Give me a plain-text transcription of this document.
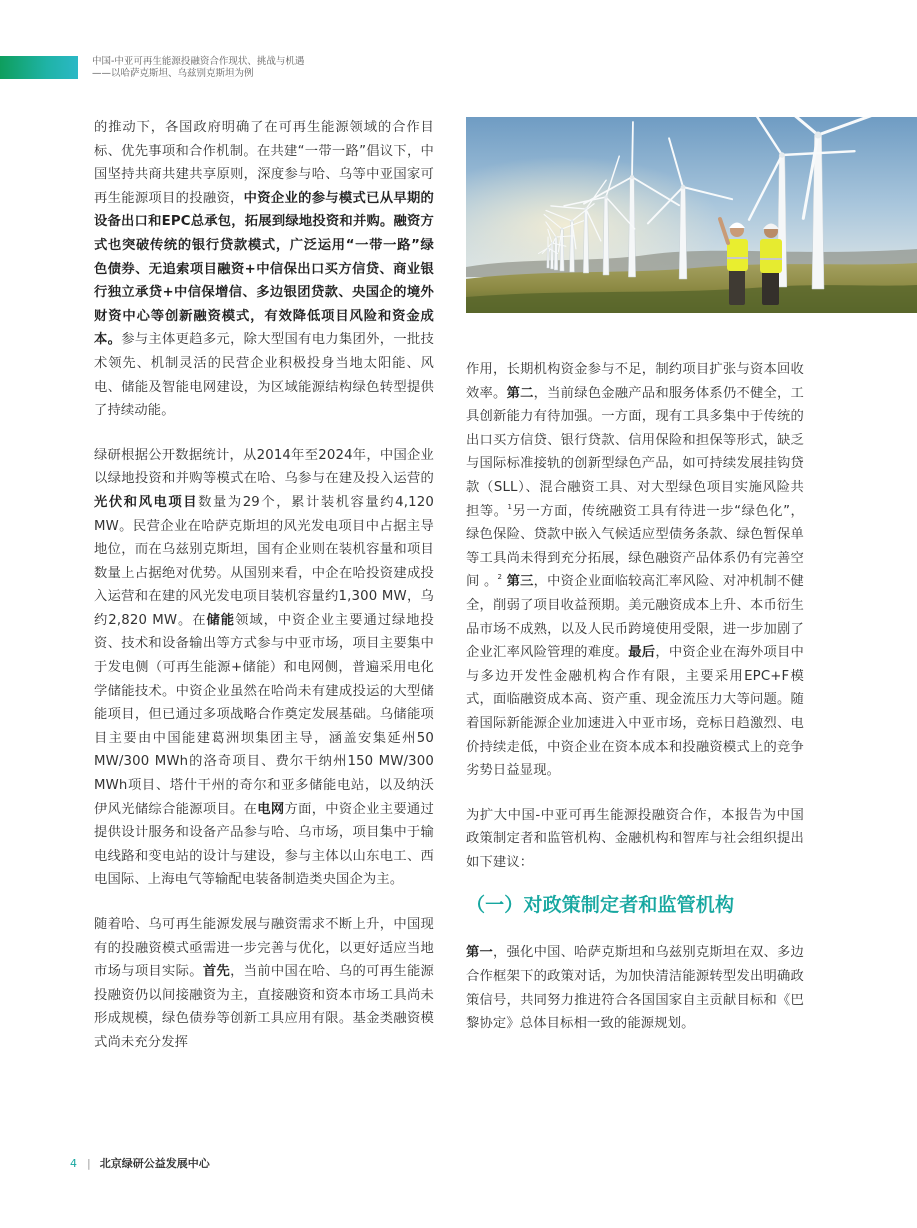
中国-中亚可再生能源投融资合作现状、挑战与机遇
——以哈萨克斯坦、乌兹别克斯坦为例

的推动下，各国政府明确了在可再生能源领域的合作目标、优先事项和合作机制。在共建“一带一路”倡议下，中国坚持共商共建共享原则，深度参与哈、乌等中亚国家可再生能源项目的投融资，中资企业的参与模式已从早期的设备出口和EPC总承包，拓展到绿地投资和并购。融资方式也突破传统的银行贷款模式，广泛运用“一带一路”绿色债券、无追索项目融资+中信保出口买方信贷、商业银行独立承贷+中信保增信、多边银团贷款、央国企的境外财资中心等创新融资模式，有效降低项目风险和资金成本。参与主体更趋多元，除大型国有电力集团外，一批技术领先、机制灵活的民营企业积极投身当地太阳能、风电、储能及智能电网建设，为区域能源结构绿色转型提供了持续动能。

绿研根据公开数据统计，从2014年至2024年，中国企业以绿地投资和并购等模式在哈、乌参与在建及投入运营的光伏和风电项目数量为29个，累计装机容量约4,120 MW。民营企业在哈萨克斯坦的风光发电项目中占据主导地位，而在乌兹别克斯坦，国有企业则在装机容量和项目数量上占据绝对优势。从国别来看，中企在哈投资建成投入运营和在建的风光发电项目装机容量约1,300 MW，乌约2,820 MW。在储能领域，中资企业主要通过绿地投资、技术和设备输出等方式参与中亚市场，项目主要集中于发电侧（可再生能源+储能）和电网侧，普遍采用电化学储能技术。中资企业虽然在哈尚未有建成投运的大型储能项目，但已通过多项战略合作奠定发展基础。乌储能项目主要由中国能建葛洲坝集团主导，涵盖安集延州50 MW/300 MWh的洛奇项目、费尔干纳州150 MW/300 MWh项目、塔什干州的奇尔和亚多储能电站，以及纳沃伊风光储综合能源项目。在电网方面，中资企业主要通过提供设计服务和设备产品参与哈、乌市场，项目集中于输电线路和变电站的设计与建设，参与主体以山东电工、西电国际、上海电气等输配电装备制造类央国企为主。

随着哈、乌可再生能源发展与融资需求不断上升，中国现有的投融资模式亟需进一步完善与优化，以更好适应当地市场与项目实际。首先，当前中国在哈、乌的可再生能源投融资仍以间接融资为主，直接融资和资本市场工具尚未形成规模，绿色债券等创新工具应用有限。基金类融资模式尚未充分发挥

作用，长期机构资金参与不足，制约项目扩张与资本回收效率。第二，当前绿色金融产品和服务体系仍不健全，工具创新能力有待加强。一方面，现有工具多集中于传统的出口买方信贷、银行贷款、信用保险和担保等形式，缺乏与国际标准接轨的创新型绿色产品，如可持续发展挂钩贷款（SLL）、混合融资工具、对大型绿色项目实施风险共担等。$^1$另一方面，传统融资工具有待进一步“绿色化”，绿色保险、贷款中嵌入气候适应型债务条款、绿色暂保单等工具尚未得到充分拓展，绿色融资产品体系仍有完善空间 。$^2$ 第三，中资企业面临较高汇率风险、对冲机制不健全，削弱了项目收益预期。美元融资成本上升、本币衍生品市场不成熟，以及人民币跨境使用受限，进一步加剧了企业汇率风险管理的难度。最后，中资企业在海外项目中与多边开发性金融机构合作有限，主要采用EPC+F模式，面临融资成本高、资产重、现金流压力大等问题。随着国际新能源企业加速进入中亚市场，竞标日趋激烈、电价持续走低，中资企业在资本成本和投融资模式上的竞争劣势日益显现。

为扩大中国-中亚可再生能源投融资合作，本报告为中国政策制定者和监管机构、金融机构和智库与社会组织提出如下建议：

（一）对政策制定者和监管机构

第一，强化中国、哈萨克斯坦和乌兹别克斯坦在双、多边合作框架下的政策对话，为加快清洁能源转型发出明确政策信号，共同努力推进符合各国国家自主贡献目标和《巴黎协定》总体目标相一致的能源规划。

4 | 北京绿研公益发展中心
